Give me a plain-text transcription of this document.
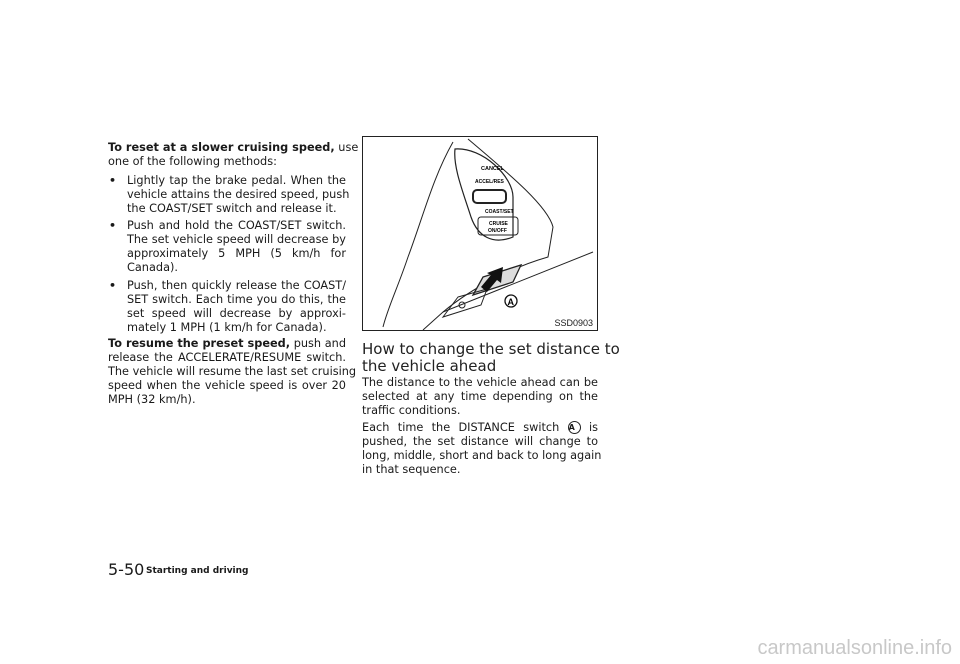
To reset at a slower cruising speed, use
one of the following methods:
• Lightly tap the brake pedal. When the
vehicle attains the desired speed, push
the COAST/SET switch and release it.
• Push and hold the COAST/SET switch.
The set vehicle speed will decrease by
approximately 5 MPH (5 km/h for
Canada).
• Push, then quickly release the COAST/
SET switch. Each time you do this, the
set speed will decrease by approxi-
mately 1 MPH (1 km/h for Canada).
To resume the preset speed, push and
release the ACCELERATE/RESUME switch.
The vehicle will resume the last set cruising
speed when the vehicle speed is over 20
MPH (32 km/h).
CANCEL
ACCEL/RES
COAST/SET
CRUISE
ON/OFF
A
SSD0903
How to change the set distance to
the vehicle ahead
The distance to the vehicle ahead can be
selected at any time depending on the
traffic conditions.
Each time the DISTANCE switch A is
pushed, the set distance will change to
long, middle, short and back to long again
in that sequence.
5-50 Starting and driving
carmanualsonline.info
